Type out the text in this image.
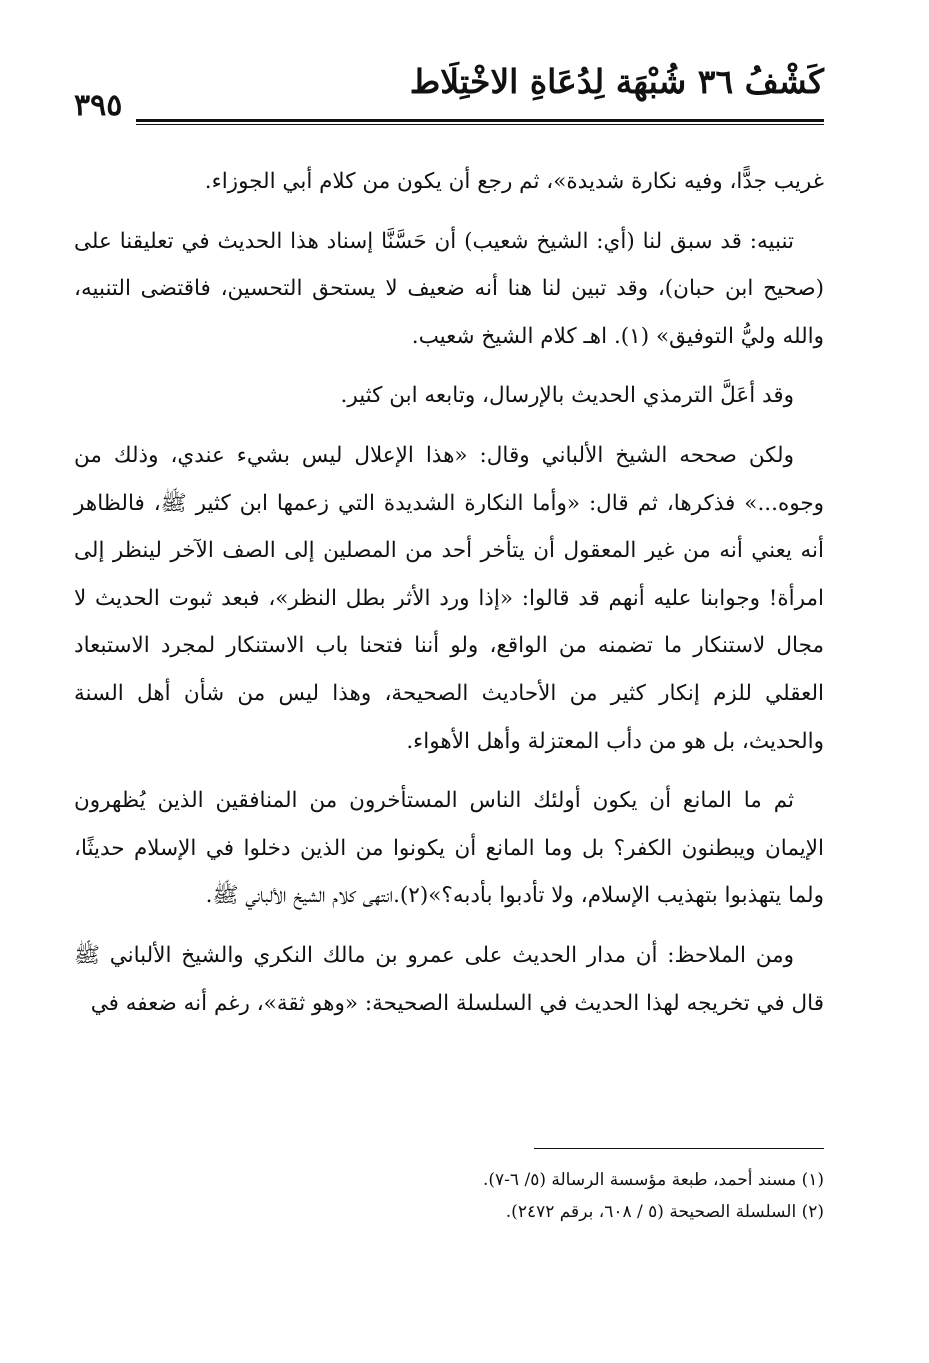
كَشْفُ ٣٦ شُبْهَة لِدُعَاةِ الاخْتِلَاط
٣٩٥

غريب جدًّا، وفيه نكارة شديدة»، ثم رجع أن يكون من كلام أبي الجوزاء.

تنبيه: قد سبق لنا (أي: الشيخ شعيب) أن حَسَّنَّا إسناد هذا الحديث في تعليقنا على (صحيح ابن حبان)، وقد تبين لنا هنا أنه ضعيف لا يستحق التحسين، فاقتضى التنبيه، والله وليُّ التوفيق» (١). اهـ كلام الشيخ شعيب.

وقد أعَلَّ الترمذي الحديث بالإرسال، وتابعه ابن كثير.

ولكن صححه الشيخ الألباني وقال: «هذا الإعلال ليس بشيء عندي، وذلك من وجوه...» فذكرها، ثم قال: «وأما النكارة الشديدة التي زعمها ابن كثير ﷺ، فالظاهر أنه يعني أنه من غير المعقول أن يتأخر أحد من المصلين إلى الصف الآخر لينظر إلى امرأة! وجوابنا عليه أنهم قد قالوا: «إذا ورد الأثر بطل النظر»، فبعد ثبوت الحديث لا مجال لاستنكار ما تضمنه من الواقع، ولو أننا فتحنا باب الاستنكار لمجرد الاستبعاد العقلي للزم إنكار كثير من الأحاديث الصحيحة، وهذا ليس من شأن أهل السنة والحديث، بل هو من دأب المعتزلة وأهل الأهواء.

ثم ما المانع أن يكون أولئك الناس المستأخرون من المنافقين الذين يُظهرون الإيمان ويبطنون الكفر؟ بل وما المانع أن يكونوا من الذين دخلوا في الإسلام حديثًا، ولما يتهذبوا بتهذيب الإسلام، ولا تأدبوا بأدبه؟»(٢).انتهى كلام الشيخ الألباني ﷺ.

ومن الملاحظ: أن مدار الحديث على عمرو بن مالك النكري والشيخ الألباني ﷺ قال في تخريجه لهذا الحديث في السلسلة الصحيحة: «وهو ثقة»، رغم أنه ضعفه في

(١) مسند أحمد، طبعة مؤسسة الرسالة (٥/ ٦-٧).

(٢) السلسلة الصحيحة (٥ / ٦٠٨، برقم ٢٤٧٢).
